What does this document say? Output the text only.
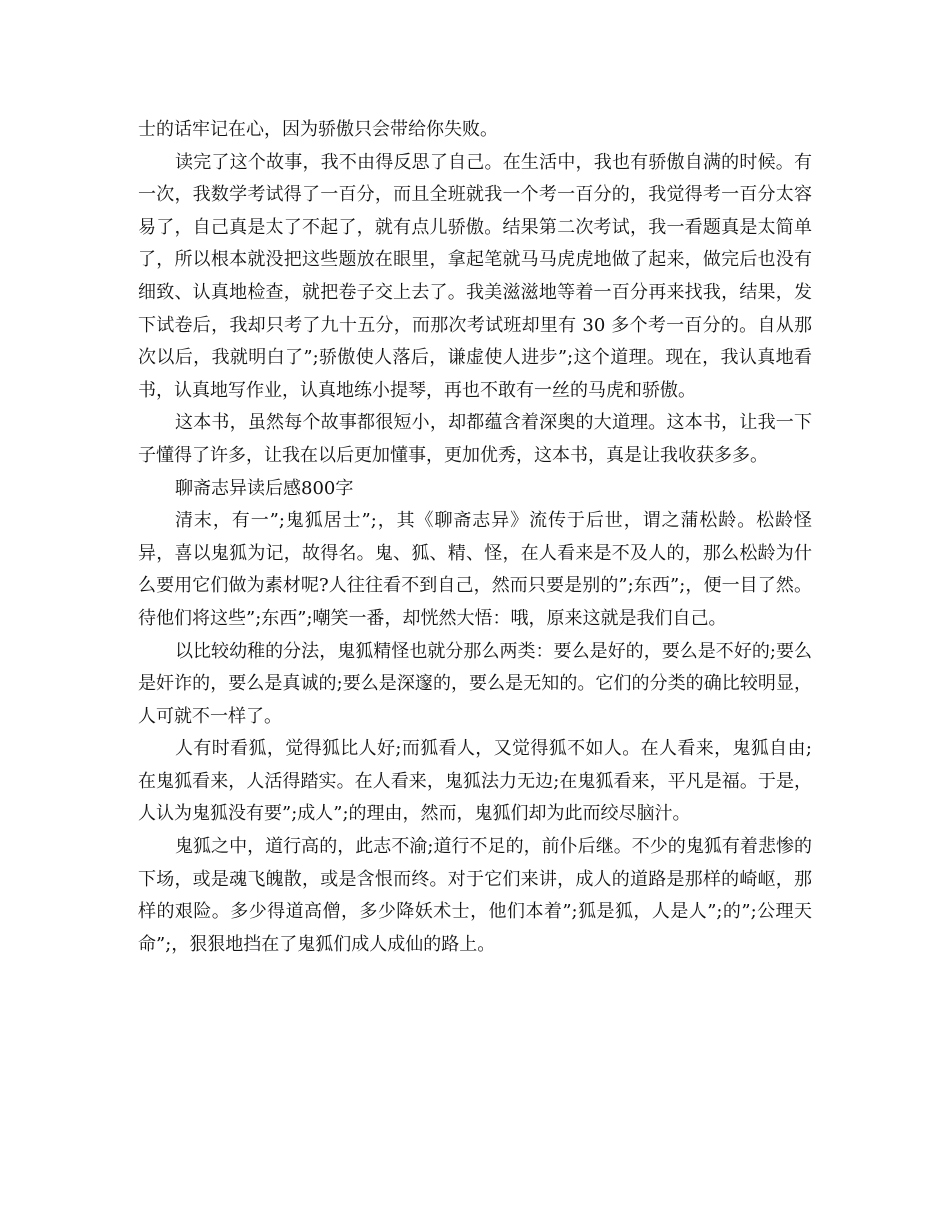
士的话牢记在心，因为骄傲只会带给你失败。

读完了这个故事，我不由得反思了自己。在生活中，我也有骄傲自满的时候。有一次，我数学考试得了一百分，而且全班就我一个考一百分的，我觉得考一百分太容易了，自己真是太了不起了，就有点儿骄傲。结果第二次考试，我一看题真是太简单了，所以根本就没把这些题放在眼里，拿起笔就马马虎虎地做了起来，做完后也没有细致、认真地检查，就把卷子交上去了。我美滋滋地等着一百分再来找我，结果，发下试卷后，我却只考了九十五分，而那次考试班却里有 30 多个考一百分的。自从那次以后，我就明白了”;骄傲使人落后，谦虚使人进步”;这个道理。现在，我认真地看书，认真地写作业，认真地练小提琴，再也不敢有一丝的马虎和骄傲。

这本书，虽然每个故事都很短小，却都蕴含着深奥的大道理。这本书，让我一下子懂得了许多，让我在以后更加懂事，更加优秀，这本书，真是让我收获多多。

聊斋志异读后感800字

清末，有一”;鬼狐居士”;，其《聊斋志异》流传于后世，谓之蒲松龄。松龄怪异，喜以鬼狐为记，故得名。鬼、狐、精、怪，在人看来是不及人的，那么松龄为什么要用它们做为素材呢?人往往看不到自己，然而只要是别的”;东西”;，便一目了然。待他们将这些”;东西”;嘲笑一番，却恍然大悟：哦，原来这就是我们自己。

以比较幼稚的分法，鬼狐精怪也就分那么两类：要么是好的，要么是不好的;要么是奸诈的，要么是真诚的;要么是深邃的，要么是无知的。它们的分类的确比较明显，人可就不一样了。

人有时看狐，觉得狐比人好;而狐看人，又觉得狐不如人。在人看来，鬼狐自由;在鬼狐看来，人活得踏实。在人看来，鬼狐法力无边;在鬼狐看来，平凡是福。于是，人认为鬼狐没有要”;成人”;的理由，然而，鬼狐们却为此而绞尽脑汁。

鬼狐之中，道行高的，此志不渝;道行不足的，前仆后继。不少的鬼狐有着悲惨的下场，或是魂飞魄散，或是含恨而终。对于它们来讲，成人的道路是那样的崎岖，那样的艰险。多少得道高僧，多少降妖术士，他们本着”;狐是狐，人是人”;的”;公理天命”;，狠狠地挡在了鬼狐们成人成仙的路上。
